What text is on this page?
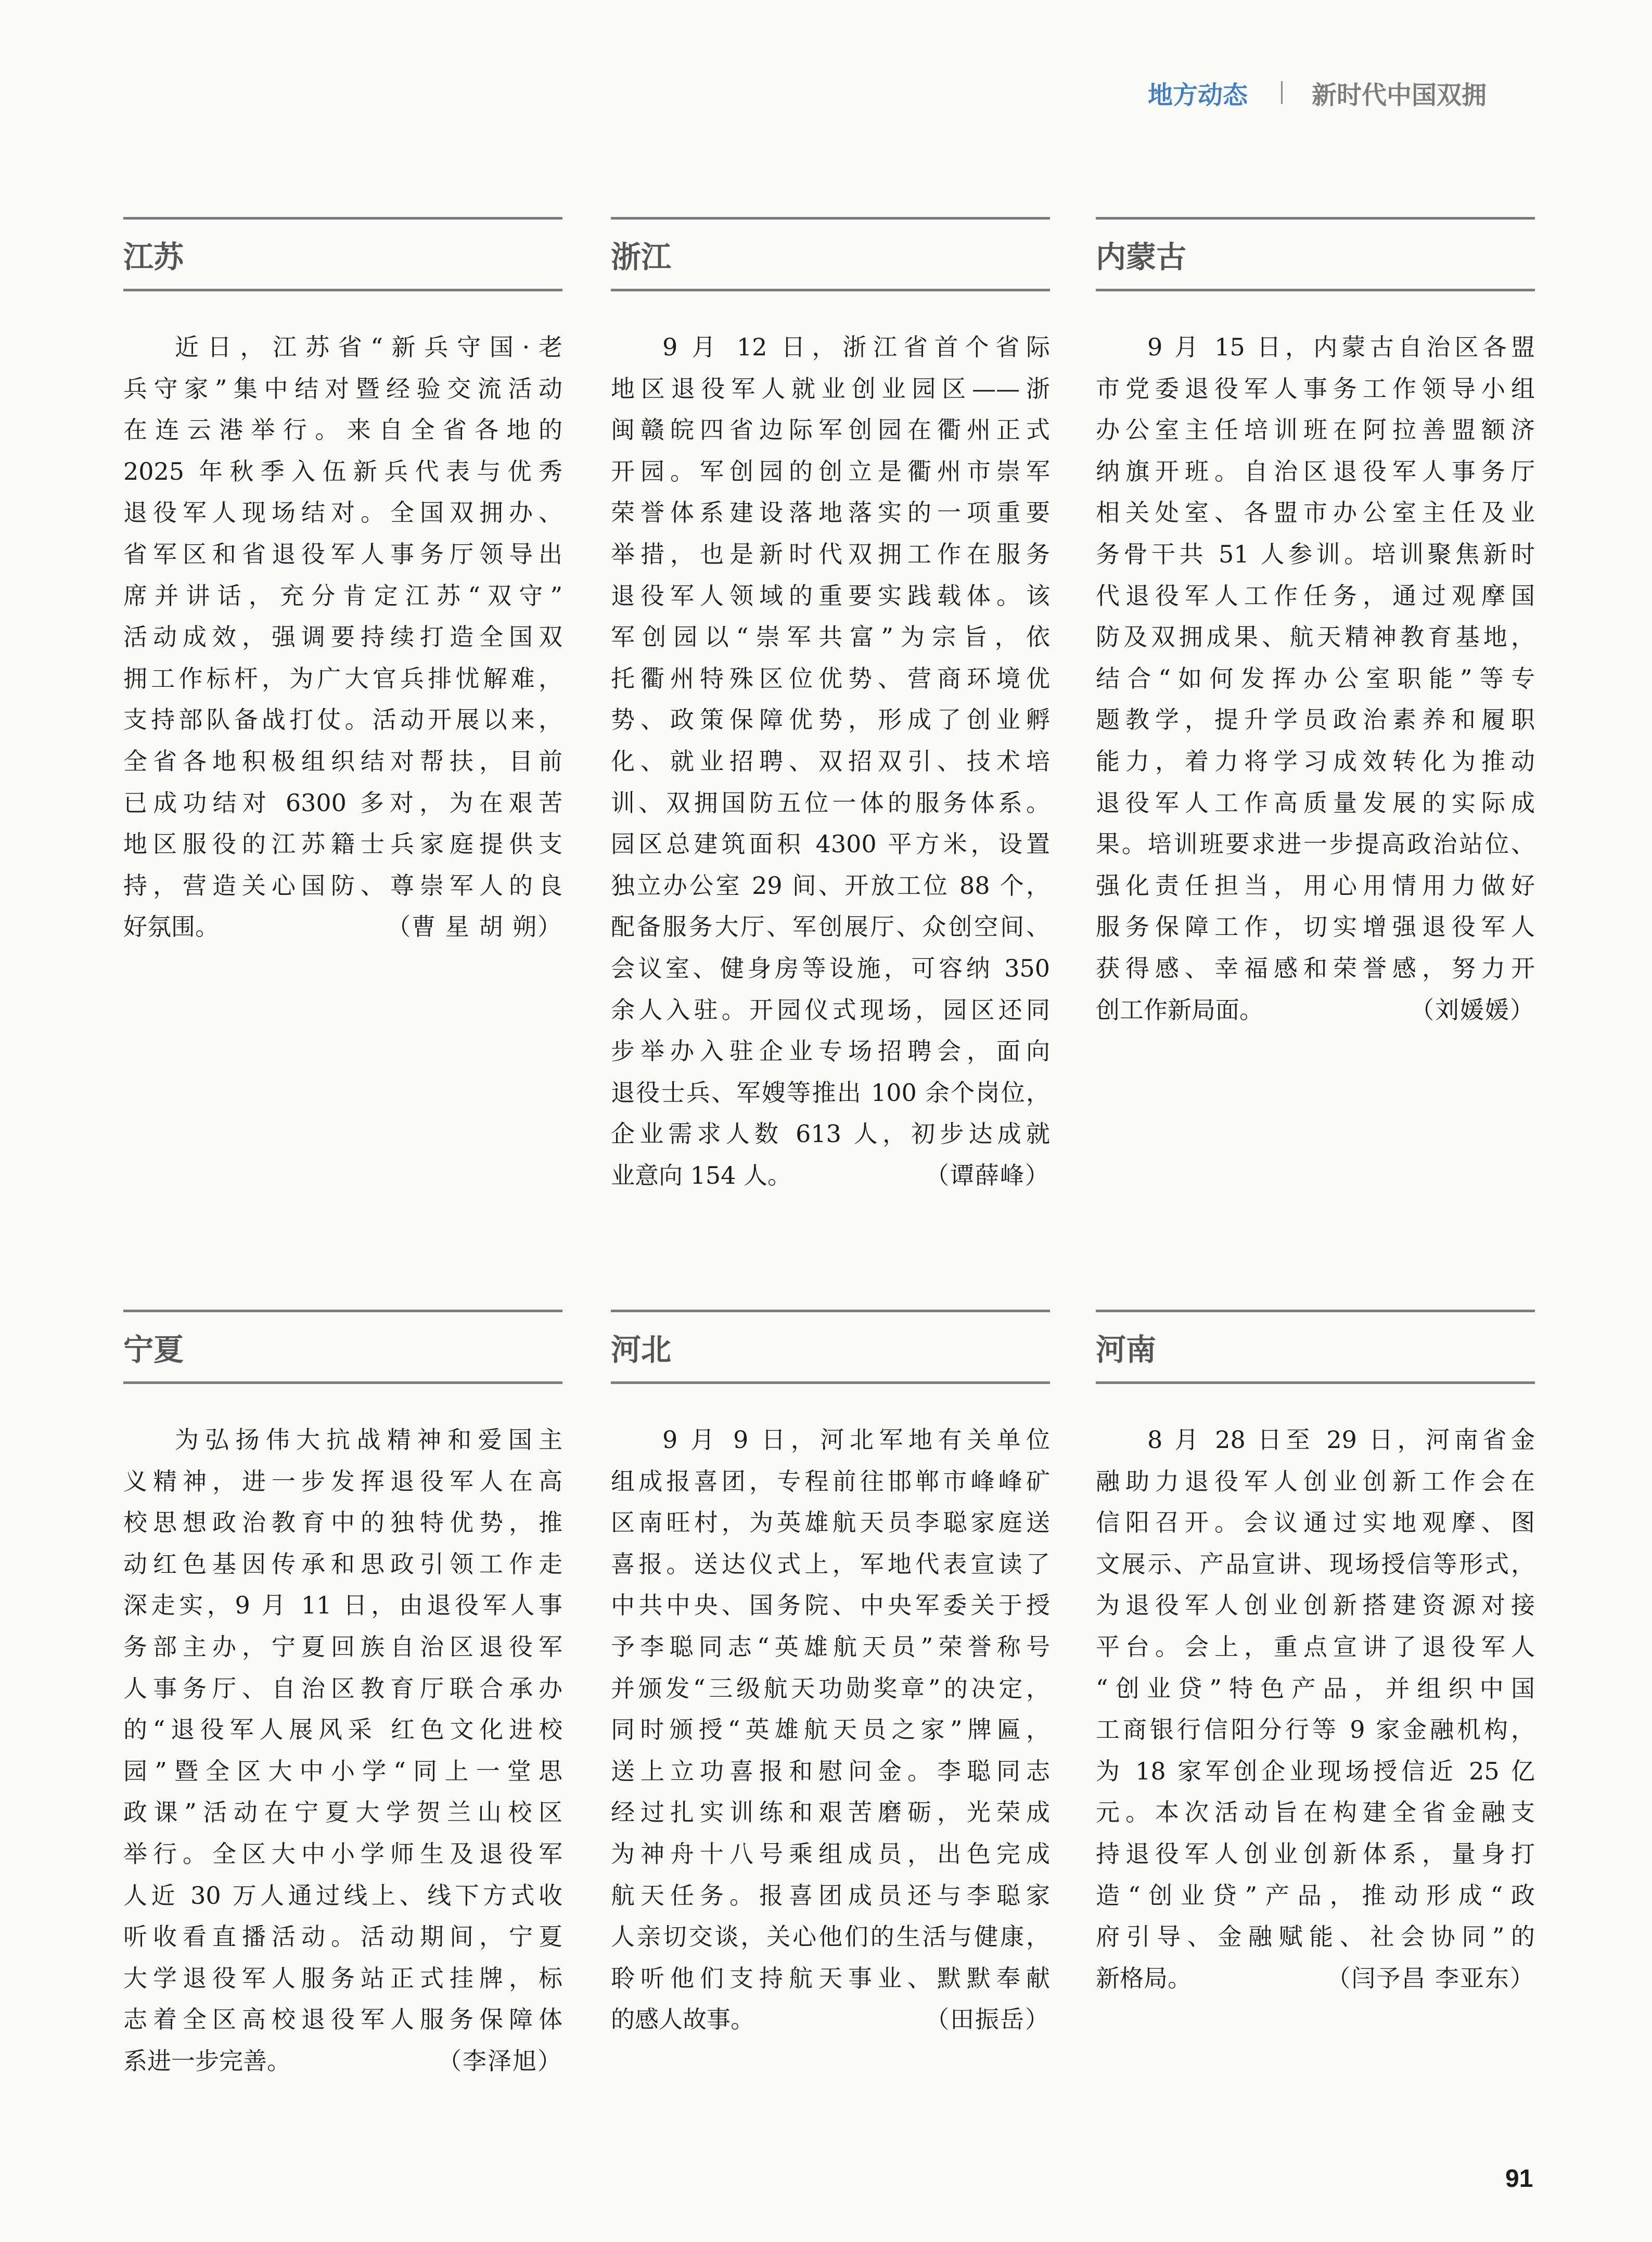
地方动态	新时代中国双拥
江苏
近日，江苏省“新兵守国·老
兵守家”集中结对暨经验交流活动
在连云港举行。来自全省各地的
2025 年秋季入伍新兵代表与优秀
退役军人现场结对。全国双拥办、
省军区和省退役军人事务厅领导出
席并讲话，充分肯定江苏“双守”
活动成效，强调要持续打造全国双
拥工作标杆，为广大官兵排忧解难，
支持部队备战打仗。活动开展以来，
全省各地积极组织结对帮扶，目前
已成功结对 6300 多对，为在艰苦
地区服役的江苏籍士兵家庭提供支
持，营造关心国防、尊崇军人的良
好氛围。	（曹 星 胡 朔）
浙江
9 月 12 日，浙江省首个省际
地区退役军人就业创业园区——浙
闽赣皖四省边际军创园在衢州正式
开园。军创园的创立是衢州市崇军
荣誉体系建设落地落实的一项重要
举措，也是新时代双拥工作在服务
退役军人领域的重要实践载体。该
军创园以“崇军共富”为宗旨，依
托衢州特殊区位优势、营商环境优
势、政策保障优势，形成了创业孵
化、就业招聘、双招双引、技术培
训、双拥国防五位一体的服务体系。
园区总建筑面积 4300 平方米，设置
独立办公室 29 间、开放工位 88 个，
配备服务大厅、军创展厅、众创空间、
会议室、健身房等设施，可容纳 350
余人入驻。开园仪式现场，园区还同
步举办入驻企业专场招聘会，面向
退役士兵、军嫂等推出 100 余个岗位，
企业需求人数 613 人，初步达成就
业意向 154 人。	（谭薛峰）
内蒙古
9 月 15 日，内蒙古自治区各盟
市党委退役军人事务工作领导小组
办公室主任培训班在阿拉善盟额济
纳旗开班。自治区退役军人事务厅
相关处室、各盟市办公室主任及业
务骨干共 51 人参训。培训聚焦新时
代退役军人工作任务，通过观摩国
防及双拥成果、航天精神教育基地，
结合“如何发挥办公室职能”等专
题教学，提升学员政治素养和履职
能力，着力将学习成效转化为推动
退役军人工作高质量发展的实际成
果。培训班要求进一步提高政治站位、
强化责任担当，用心用情用力做好
服务保障工作，切实增强退役军人
获得感、幸福感和荣誉感，努力开
创工作新局面。	（刘媛媛）
宁夏
为弘扬伟大抗战精神和爱国主
义精神，进一步发挥退役军人在高
校思想政治教育中的独特优势，推
动红色基因传承和思政引领工作走
深走实，9 月 11 日，由退役军人事
务部主办，宁夏回族自治区退役军
人事务厅、自治区教育厅联合承办
的“退役军人展风采 红色文化进校
园”暨全区大中小学“同上一堂思
政课”活动在宁夏大学贺兰山校区
举行。全区大中小学师生及退役军
人近 30 万人通过线上、线下方式收
听收看直播活动。活动期间，宁夏
大学退役军人服务站正式挂牌，标
志着全区高校退役军人服务保障体
系进一步完善。	（李泽旭）
河北
9 月 9 日，河北军地有关单位
组成报喜团，专程前往邯郸市峰峰矿
区南旺村，为英雄航天员李聪家庭送
喜报。送达仪式上，军地代表宣读了
中共中央、国务院、中央军委关于授
予李聪同志“英雄航天员”荣誉称号
并颁发“三级航天功勋奖章”的决定，
同时颁授“英雄航天员之家”牌匾，
送上立功喜报和慰问金。李聪同志
经过扎实训练和艰苦磨砺，光荣成
为神舟十八号乘组成员，出色完成
航天任务。报喜团成员还与李聪家
人亲切交谈，关心他们的生活与健康，
聆听他们支持航天事业、默默奉献
的感人故事。	（田振岳）
河南
8 月 28 日至 29 日，河南省金
融助力退役军人创业创新工作会在
信阳召开。会议通过实地观摩、图
文展示、产品宣讲、现场授信等形式，
为退役军人创业创新搭建资源对接
平台。会上，重点宣讲了退役军人
“创业贷”特色产品，并组织中国
工商银行信阳分行等 9 家金融机构，
为 18 家军创企业现场授信近 25 亿
元。本次活动旨在构建全省金融支
持退役军人创业创新体系，量身打
造“创业贷”产品，推动形成“政
府引导、金融赋能、社会协同”的
新格局。	（闫予昌 李亚东）
91
